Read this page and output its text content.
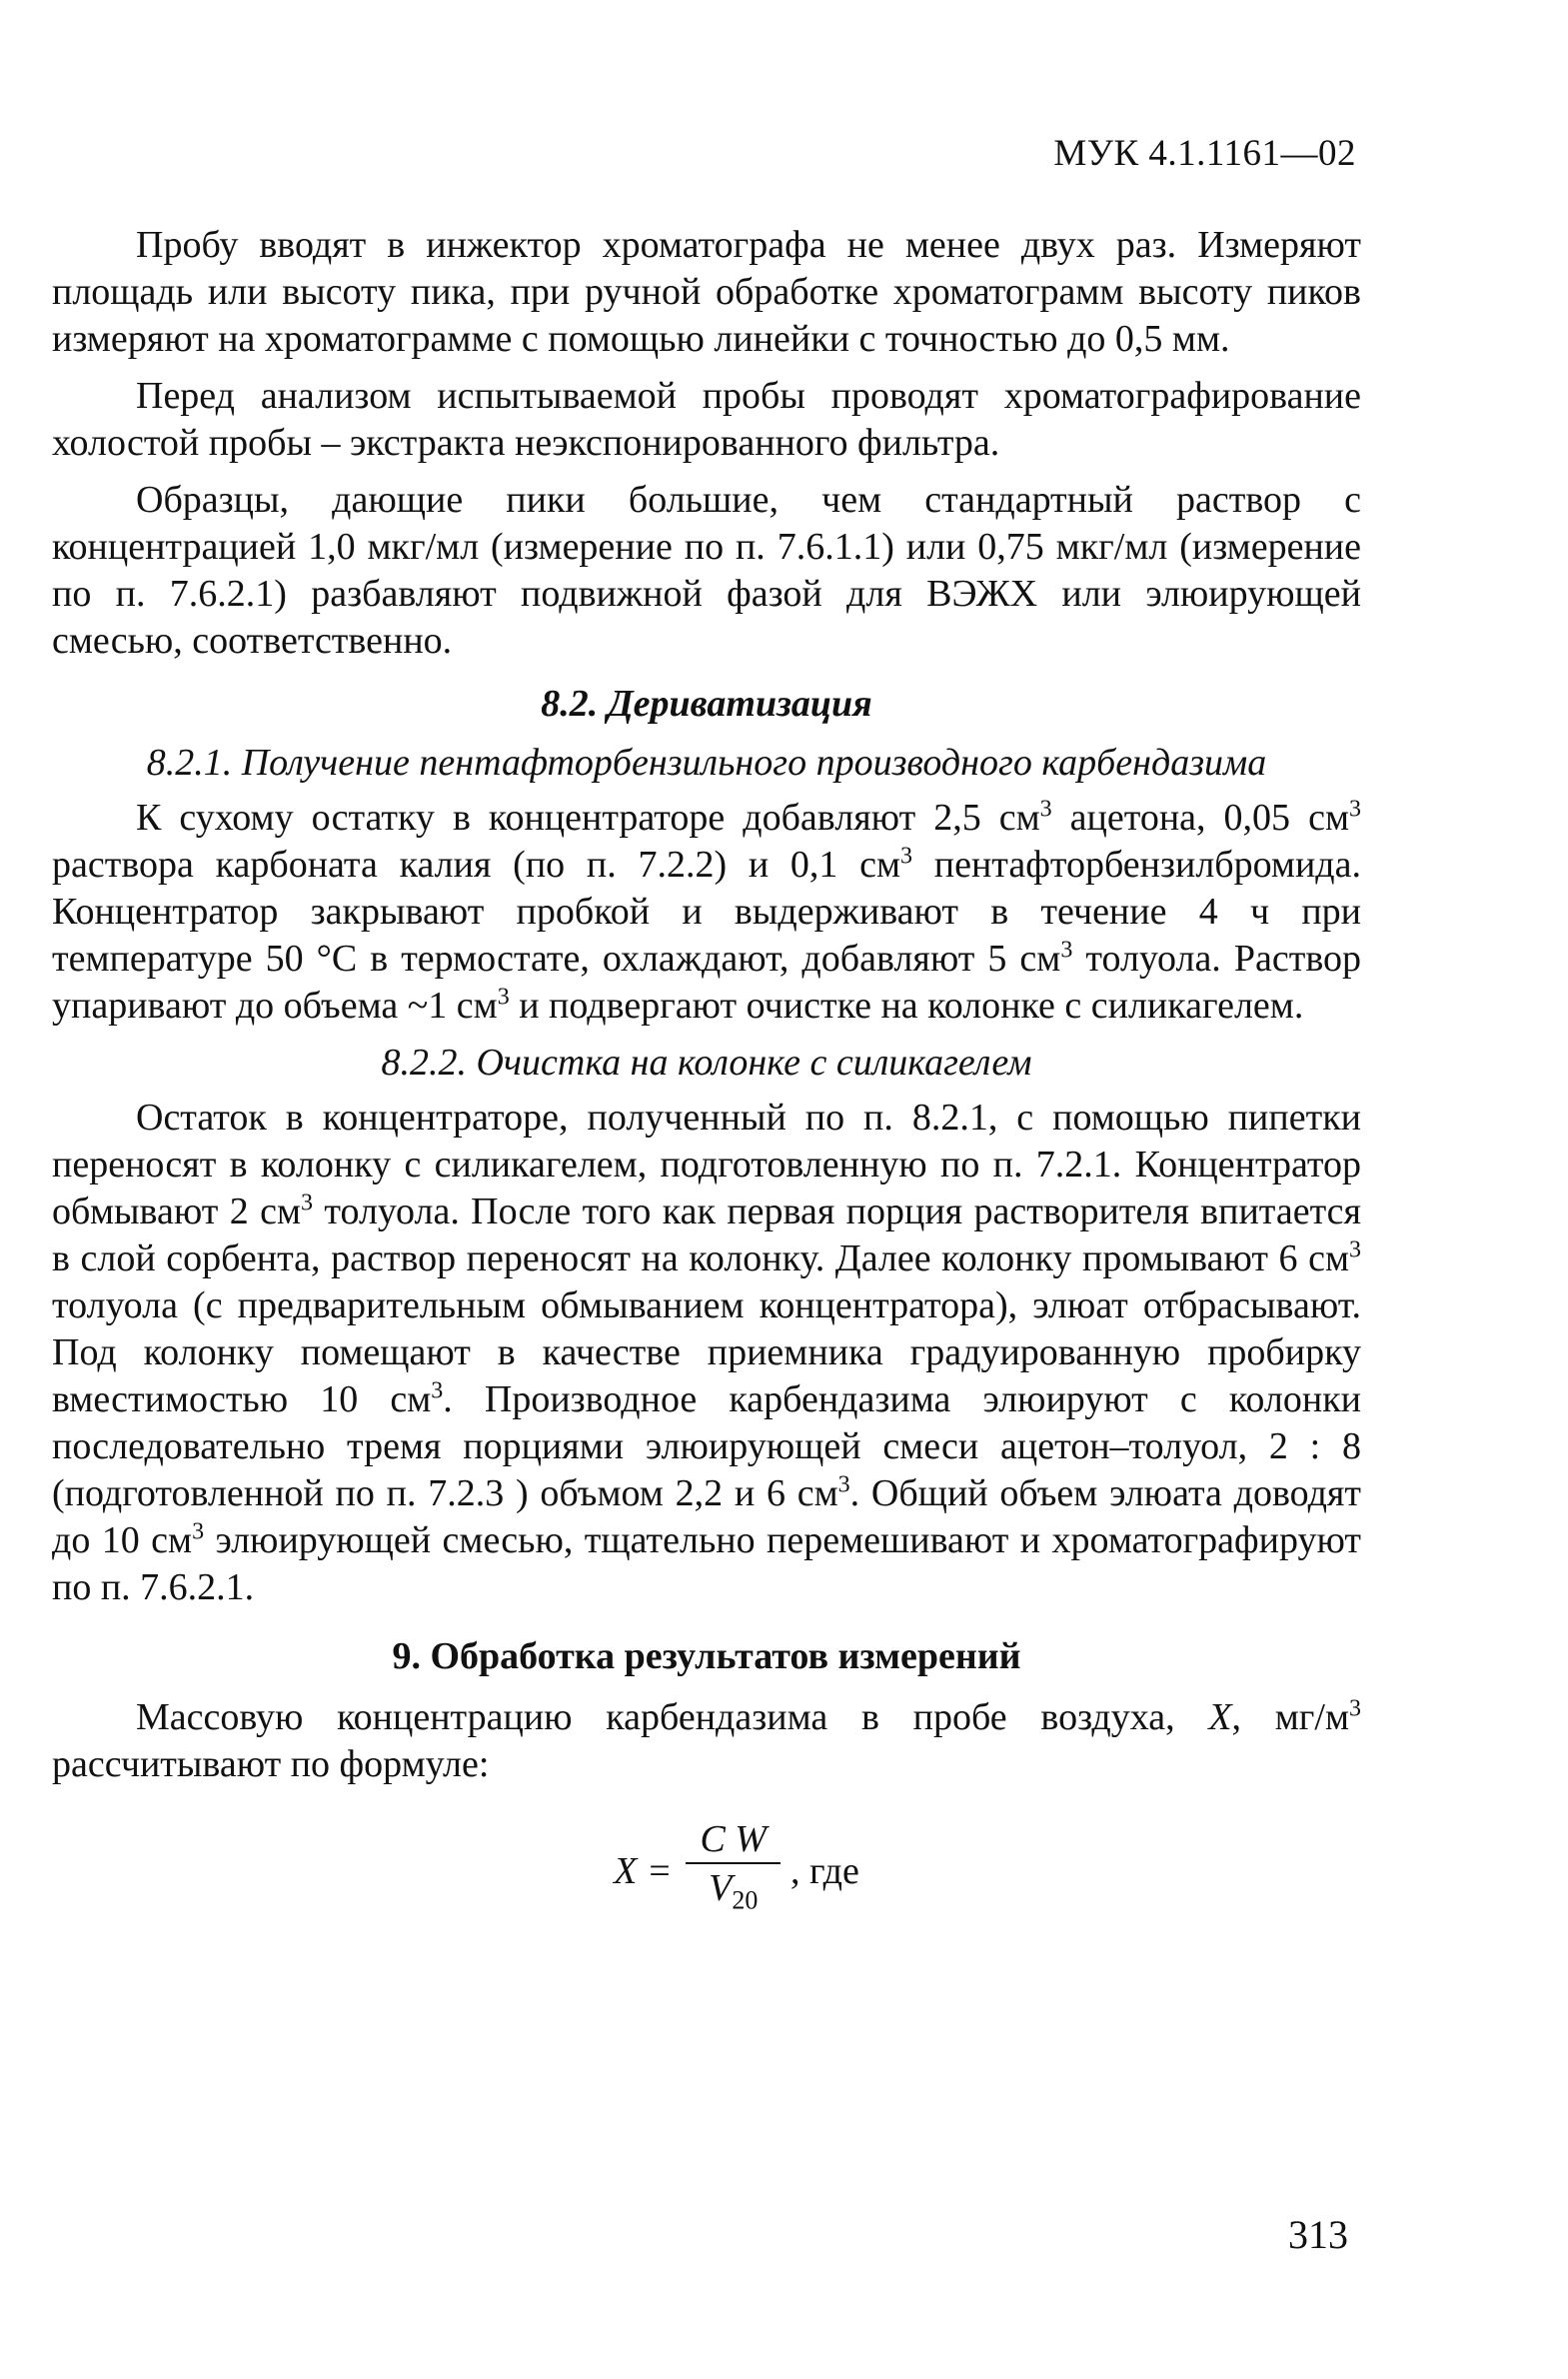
МУК 4.1.1161—02

Пробу вводят в инжектор хроматографа не менее двух раз. Измеряют площадь или высоту пика, при ручной обработке хроматограмм высоту пиков измеряют на хроматограмме с помощью линейки с точностью до 0,5 мм.

Перед анализом испытываемой пробы проводят хроматографирование холостой пробы – экстракта неэкспонированного фильтра.

Образцы, дающие пики большие, чем стандартный раствор с концентрацией 1,0 мкг/мл (измерение по п. 7.6.1.1) или 0,75 мкг/мл (измерение по п. 7.6.2.1) разбавляют подвижной фазой для ВЭЖХ или элюирующей смесью, соответственно.

8.2. Дериватизация
8.2.1. Получение пентафторбензильного производного карбендазима

К сухому остатку в концентраторе добавляют 2,5 $см^3$ ацетона, 0,05 $см^3$ раствора карбоната калия (по п. 7.2.2) и 0,1 $см^3$ пентафторбензилбромида. Концентратор закрывают пробкой и выдерживают в течение 4 ч при температуре 50 °С в термостате, охлаждают, добавляют 5 $см^3$ толуола. Раствор упаривают до объема ~1 $см^3$ и подвергают очистке на колонке с силикагелем.

8.2.2. Очистка на колонке с силикагелем

Остаток в концентраторе, полученный по п. 8.2.1, с помощью пипетки переносят в колонку с силикагелем, подготовленную по п. 7.2.1. Концентратор обмывают 2 $см^3$ толуола. После того как первая порция растворителя впитается в слой сорбента, раствор переносят на колонку. Далее колонку промывают 6 $см^3$ толуола (с предварительным обмыванием концентратора), элюат отбрасывают. Под колонку помещают в качестве приемника градуированную пробирку вместимостью 10 $см^3$. Производное карбендазима элюируют с колонки последовательно тремя порциями элюирующей смеси ацетон–толуол, 2 : 8 (подготовленной по п. 7.2.3 ) объмом 2,2 и 6 $см^3$. Общий объем элюата доводят до 10 $см^3$ элюирующей смесью, тщательно перемешивают и хроматографируют по п. 7.6.2.1.

9. Обработка результатов измерений

Массовую концентрацию карбендазима в пробе воздуха, X, $мг/м^3$ рассчитывают по формуле:

$X = \frac{\text{C W}}{V_{20}}$ , где
313
